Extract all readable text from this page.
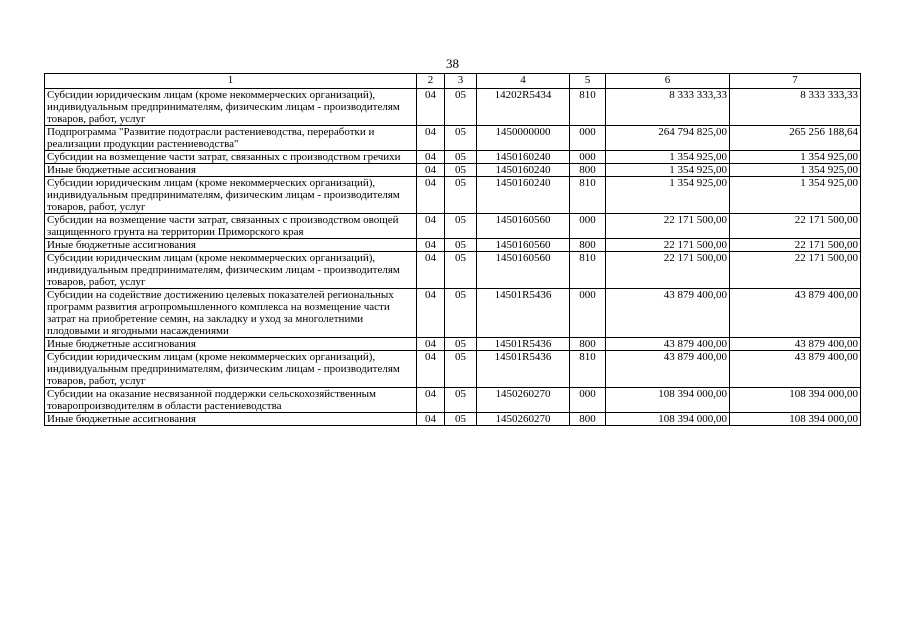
38
1	2	3	4	5	6	7
Субсидии юридическим лицам (кроме некоммерческих организаций), индивидуальным предпринимателям, физическим лицам - производителям товаров, работ, услуг	04	05	14202R5434	810	8 333 333,33	8 333 333,33

Подпрограмма "Развитие подотрасли растениеводства, переработки и реализации продукции растениеводства"	04	05	1450000000	000	264 794 825,00	265 256 188,64

Субсидии на возмещение части затрат, связанных с производством гречихи	04	05	1450160240	000	1 354 925,00	1 354 925,00

Иные бюджетные ассигнования	04	05	1450160240	800	1 354 925,00	1 354 925,00

Субсидии юридическим лицам (кроме некоммерческих организаций), индивидуальным предпринимателям, физическим лицам - производителям товаров, работ, услуг	04	05	1450160240	810	1 354 925,00	1 354 925,00

Субсидии на возмещение части затрат, связанных с производством овощей защищенного грунта на территории Приморского края	04	05	1450160560	000	22 171 500,00	22 171 500,00

Иные бюджетные ассигнования	04	05	1450160560	800	22 171 500,00	22 171 500,00

Субсидии юридическим лицам (кроме некоммерческих организаций), индивидуальным предпринимателям, физическим лицам - производителям товаров, работ, услуг	04	05	1450160560	810	22 171 500,00	22 171 500,00

Субсидии на содействие достижению целевых показателей региональных программ развития агропромышленного комплекса на возмещение части затрат на приобретение семян, на закладку и уход за многолетними плодовыми и ягодными насаждениями	04	05	14501R5436	000	43 879 400,00	43 879 400,00

Иные бюджетные ассигнования	04	05	14501R5436	800	43 879 400,00	43 879 400,00

Субсидии юридическим лицам (кроме некоммерческих организаций), индивидуальным предпринимателям, физическим лицам - производителям товаров, работ, услуг	04	05	14501R5436	810	43 879 400,00	43 879 400,00

Субсидии на оказание несвязанной поддержки сельскохозяйственным товаропроизводителям в области растениеводства	04	05	1450260270	000	108 394 000,00	108 394 000,00

Иные бюджетные ассигнования	04	05	1450260270	800	108 394 000,00	108 394 000,00
